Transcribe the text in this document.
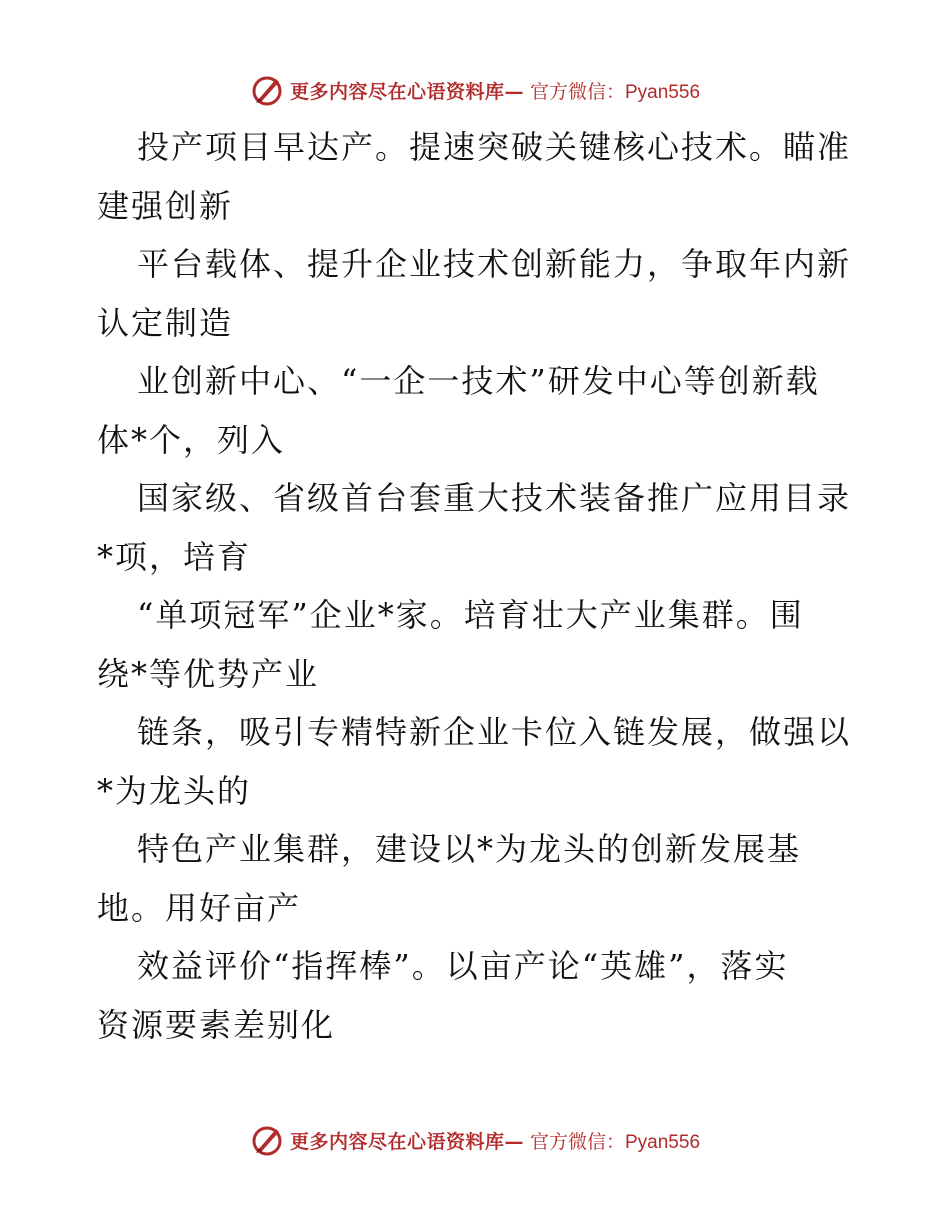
更多内容尽在心语资料库— 官方微信：Pyan556
投产项目早达产。提速突破关键核心技术。瞄准
建强创新
平台载体、提升企业技术创新能力，争取年内新
认定制造
业创新中心、“一企一技术”研发中心等创新载
体*个，列入
国家级、省级首台套重大技术装备推广应用目录
*项，培育
“单项冠军”企业*家。培育壮大产业集群。围
绕*等优势产业
链条，吸引专精特新企业卡位入链发展，做强以
*为龙头的
特色产业集群，建设以*为龙头的创新发展基
地。用好亩产
效益评价“指挥棒”。以亩产论“英雄”，落实
资源要素差别化
更多内容尽在心语资料库— 官方微信：Pyan556
